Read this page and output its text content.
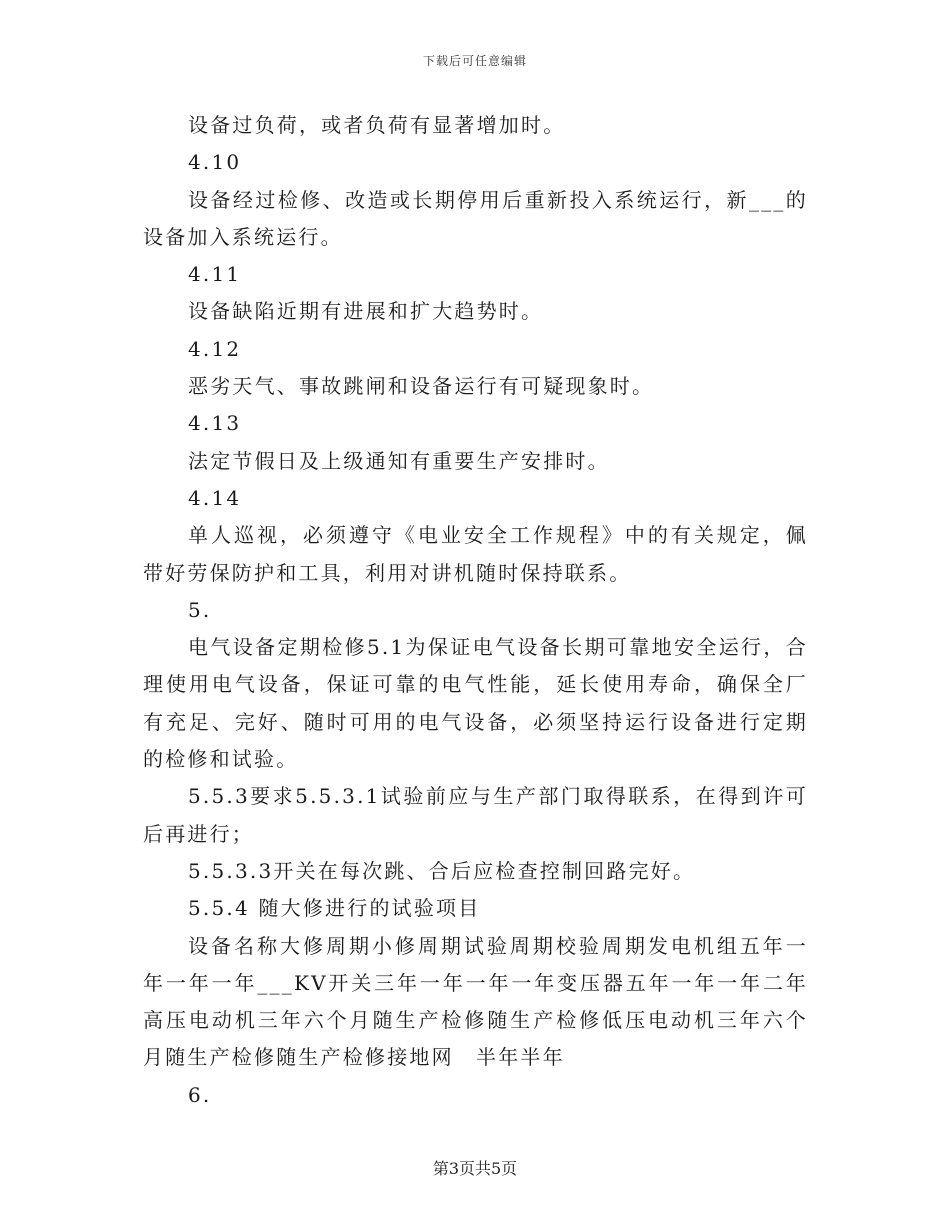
下载后可任意编辑

设备过负荷，或者负荷有显著增加时。

4.10

设备经过检修、改造或长期停用后重新投入系统运行，新___的设备加入系统运行。

4.11

设备缺陷近期有进展和扩大趋势时。

4.12

恶劣天气、事故跳闸和设备运行有可疑现象时。

4.13

法定节假日及上级通知有重要生产安排时。

4.14

单人巡视，必须遵守《电业安全工作规程》中的有关规定，佩带好劳保防护和工具，利用对讲机随时保持联系。

5.

电气设备定期检修5.1为保证电气设备长期可靠地安全运行，合理使用电气设备，保证可靠的电气性能，延长使用寿命，确保全厂有充足、完好、随时可用的电气设备，必须坚持运行设备进行定期的检修和试验。

5.5.3要求5.5.3.1试验前应与生产部门取得联系，在得到许可后再进行；

5.5.3.3开关在每次跳、合后应检查控制回路完好。

5.5.4 随大修进行的试验项目

设备名称大修周期小修周期试验周期校验周期发电机组五年一年一年一年___KV开关三年一年一年一年变压器五年一年一年二年高压电动机三年六个月随生产检修随生产检修低压电动机三年六个月随生产检修随生产检修接地网　半年半年

6.

第3页共5页
